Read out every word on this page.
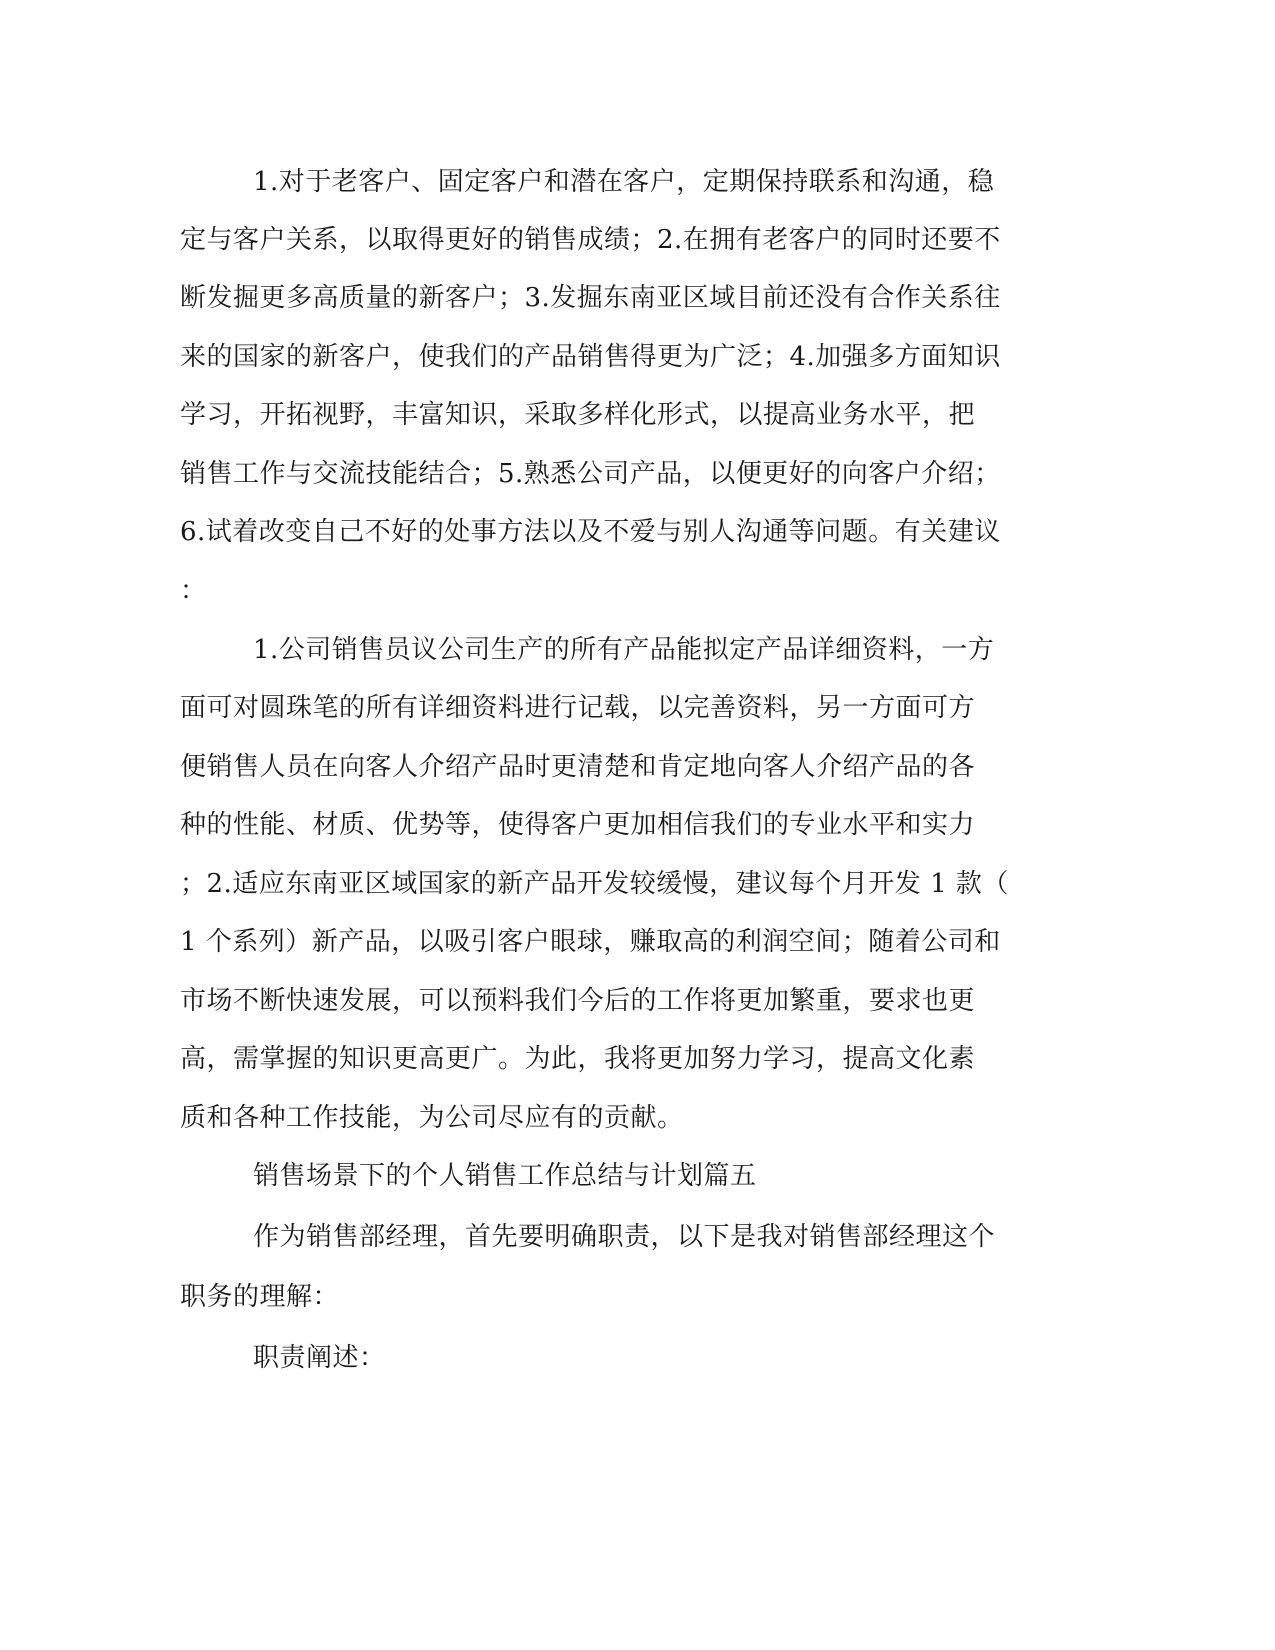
1.对于老客户、固定客户和潜在客户，定期保持联系和沟通，稳
定与客户关系，以取得更好的销售成绩；2.在拥有老客户的同时还要不
断发掘更多高质量的新客户；3.发掘东南亚区域目前还没有合作关系往
来的国家的新客户，使我们的产品销售得更为广泛；4.加强多方面知识
学习，开拓视野，丰富知识，采取多样化形式，以提高业务水平，把
销售工作与交流技能结合；5.熟悉公司产品，以便更好的向客户介绍；
6.试着改变自己不好的处事方法以及不爱与别人沟通等问题。有关建议
：
1.公司销售员议公司生产的所有产品能拟定产品详细资料，一方
面可对圆珠笔的所有详细资料进行记载，以完善资料，另一方面可方
便销售人员在向客人介绍产品时更清楚和肯定地向客人介绍产品的各
种的性能、材质、优势等，使得客户更加相信我们的专业水平和实力
；2.适应东南亚区域国家的新产品开发较缓慢，建议每个月开发 1 款（
1 个系列）新产品，以吸引客户眼球，赚取高的利润空间；随着公司和
市场不断快速发展，可以预料我们今后的工作将更加繁重，要求也更
高，需掌握的知识更高更广。为此，我将更加努力学习，提高文化素
质和各种工作技能，为公司尽应有的贡献。
销售场景下的个人销售工作总结与计划篇五
作为销售部经理，首先要明确职责，以下是我对销售部经理这个
职务的理解：
职责阐述：
